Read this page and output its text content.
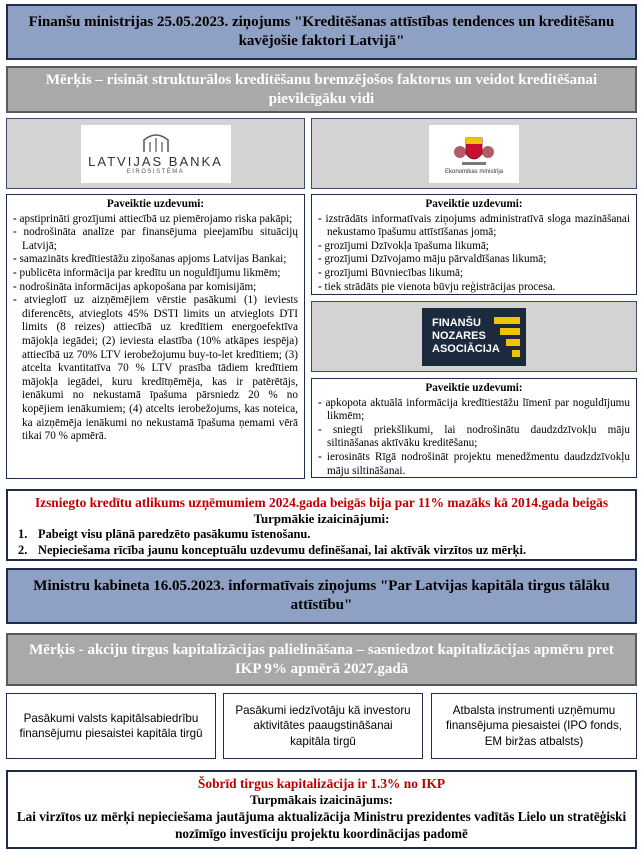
Finanšu ministrijas 25.05.2023. ziņojums "Kreditēšanas attīstības tendences un kreditēšanu kavējošie faktori Latvijā"
Mērķis – risināt strukturālos kreditēšanu bremzējošos faktorus un veidot kreditēšanai pievilcīgāku vidi
LATVIJAS BANKA
EIROSISTĒMA	Ekonomikas ministrija
Paveiktie uzdevumi:
- apstiprināti grozījumi attiecībā uz piemērojamo riska pakāpi;
- nodrošināta analīze par finansējuma pieejamību situācijų Latvijā;
- samazināts kredītiestāžu ziņošanas apjoms Latvijas Bankai;
- publicēta informācija par kredītu un noguldījumu likmēm;
- nodrošināta informācijas apkopošana par komisijām;
- atvieglotī uz aizņēmējiem vērstie pasākumi (1) ieviests diferencēts, atvieglots 45% DSTI limits un atvieglots DTI limits (8 reizes) attiecībā uz kredītiem energoefektīva mājokļa iegādei; (2) ieviesta elastība (10% atkāpes iespēja) attiecībā uz 70% LTV ierobežojumu buy-to-let kredītiem; (3) atcelta kvantitatīva 70 % LTV prasība tādiem kredītiem mājokļa iegādei, kuru kredītņēmēja, kas ir patērētājs, ienākumi no nekustamā īpašuma pārsniedz 20 % no kopējiem ienākumiem; (4) atcelts ierobežojums, kas noteica, ka aizņēmēja ienākumi no nekustamā īpašuma ņemami vērā tikai 70 % apmērā.
Paveiktie uzdevumi:
- izstrādāts informatīvais ziņojums administratīvā sloga mazināšanai nekustamo īpašumu attīstīšanas jomā;
- grozījumi Dzīvokļa īpašuma likumā;
- grozījumi Dzīvojamo māju pārvaldīšanas likumā;
- grozījumi Būvniecības likumā;
- tiek strādāts pie vienota būvju reģistrācijas procesa.
FINANŠU
NOZARES
ASOCIĀCIJA
Paveiktie uzdevumi:
- apkopota aktuālā informācija kredītiestāžu līmenī par noguldījumu likmēm;
- sniegti priekšlikumi, lai nodrošinātu daudzdzīvokļu māju siltināšanas aktīvāku kreditēšanu;
- ierosināts Rīgā nodrošināt projektu menedžmentu daudzdzīvokļu māju siltināšanai.
Izsniegto kredītu atlikums uzņēmumiem 2024.gada beigās bija par 11% mazāks kā 2014.gada beigās
Turpmākie izaicinājumi:
1. Pabeigt visu plānā paredzēto pasākumu īstenošanu.
2. Nepieciešama rīcība jaunu konceptuālu uzdevumu definēšanai, lai aktīvāk virzītos uz mērķi.
Ministru kabineta 16.05.2023. informatīvais ziņojums "Par Latvijas kapitāla tirgus tālāku attīstību"
Mērķis - akciju tirgus kapitalizācijas palielināšana – sasniedzot kapitalizācijas apmēru pret IKP 9% apmērā 2027.gadā
Pasākumi valsts kapitālsabiedrību finansējumu piesaistei kapitāla tirgū
Pasākumi iedzīvotāju kā investoru aktivitātes paaugstināšanai kapitāla tirgū
Atbalsta instrumenti uzņēmumu finansējuma piesaistei (IPO fonds, EM biržas atbalsts)
Šobrīd tirgus kapitalizācija ir 1.3% no IKP
Turpmākais izaicinājums:
Lai virzītos uz mērķi nepieciešama jautājuma aktualizācija Ministru prezidentes vadītās Lielo un stratēģiski nozīmīgo investīciju projektu koordinācijas padomē
